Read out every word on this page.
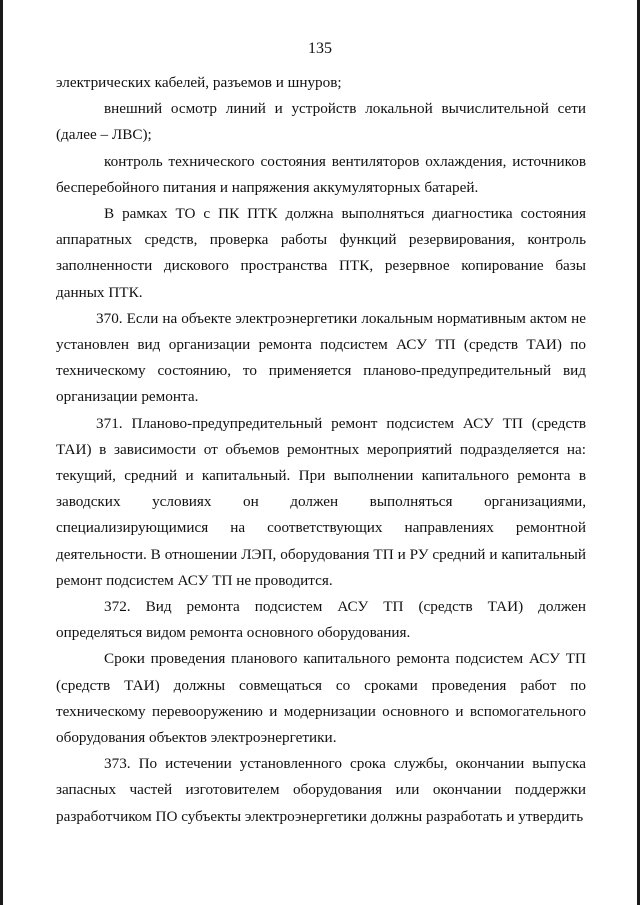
135

электрических кабелей, разъемов и шнуров;

внешний осмотр линий и устройств локальной вычислительной сети (далее – ЛВС);

контроль технического состояния вентиляторов охлаждения, источников бесперебойного питания и напряжения аккумуляторных батарей.

В рамках ТО с ПК ПТК должна выполняться диагностика состояния аппаратных средств, проверка работы функций резервирования, контроль заполненности дискового пространства ПТК, резервное копирование базы данных ПТК.

370. Если на объекте электроэнергетики локальным нормативным актом не установлен вид организации ремонта подсистем АСУ ТП (средств ТАИ) по техническому состоянию, то применяется планово-предупредительный вид организации ремонта.

371. Планово-предупредительный ремонт подсистем АСУ ТП (средств ТАИ) в зависимости от объемов ремонтных мероприятий подразделяется на: текущий, средний и капитальный. При выполнении капитального ремонта в заводских условиях он должен выполняться организациями, специализирующимися на соответствующих направлениях ремонтной деятельности. В отношении ЛЭП, оборудования ТП и РУ средний и капитальный ремонт подсистем АСУ ТП не проводится.

372. Вид ремонта подсистем АСУ ТП (средств ТАИ) должен определяться видом ремонта основного оборудования.

Сроки проведения планового капитального ремонта подсистем АСУ ТП (средств ТАИ) должны совмещаться со сроками проведения работ по техническому перевооружению и модернизации основного и вспомогательного оборудования объектов электроэнергетики.

373. По истечении установленного срока службы, окончании выпуска запасных частей изготовителем оборудования или окончании поддержки разработчиком ПО субъекты электроэнергетики должны разработать и утвердить
